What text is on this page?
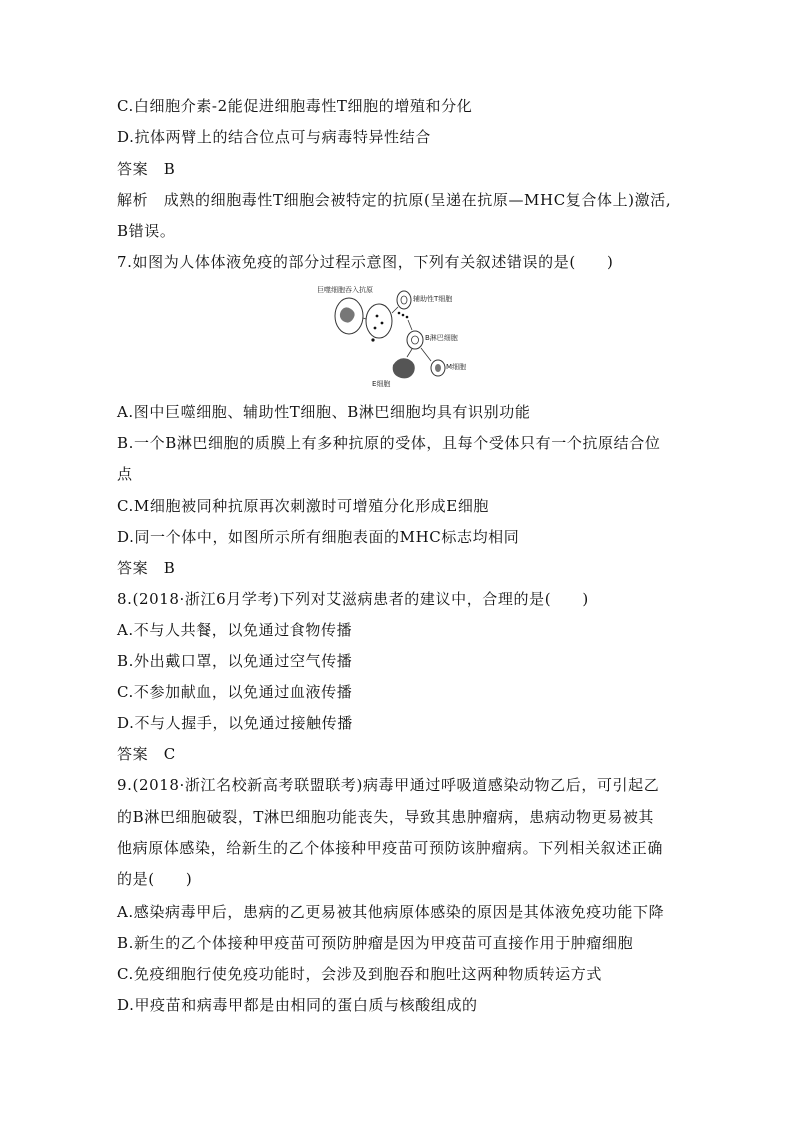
C.白细胞介素-2能促进细胞毒性T细胞的增殖和分化
D.抗体两臂上的结合位点可与病毒特异性结合
答案　B
解析　成熟的细胞毒性T细胞会被特定的抗原(呈递在抗原—MHC复合体上)激活,
B错误。
7.如图为人体体液免疫的部分过程示意图，下列有关叙述错误的是(　　)
巨噬细胞吞入抗原
辅助性T细胞
B淋巴细胞
M细胞
E细胞
A.图中巨噬细胞、辅助性T细胞、B淋巴细胞均具有识别功能
B.一个B淋巴细胞的质膜上有多种抗原的受体，且每个受体只有一个抗原结合位
点
C.M细胞被同种抗原再次刺激时可增殖分化形成E细胞
D.同一个体中，如图所示所有细胞表面的MHC标志均相同
答案　B
8.(2018·浙江6月学考)下列对艾滋病患者的建议中，合理的是(　　)
A.不与人共餐，以免通过食物传播
B.外出戴口罩，以免通过空气传播
C.不参加献血，以免通过血液传播
D.不与人握手，以免通过接触传播
答案　C
9.(2018·浙江名校新高考联盟联考)病毒甲通过呼吸道感染动物乙后，可引起乙
的B淋巴细胞破裂，T淋巴细胞功能丧失，导致其患肿瘤病，患病动物更易被其
他病原体感染，给新生的乙个体接种甲疫苗可预防该肿瘤病。下列相关叙述正确
的是(　　)
A.感染病毒甲后，患病的乙更易被其他病原体感染的原因是其体液免疫功能下降
B.新生的乙个体接种甲疫苗可预防肿瘤是因为甲疫苗可直接作用于肿瘤细胞
C.免疫细胞行使免疫功能时，会涉及到胞吞和胞吐这两种物质转运方式
D.甲疫苗和病毒甲都是由相同的蛋白质与核酸组成的
